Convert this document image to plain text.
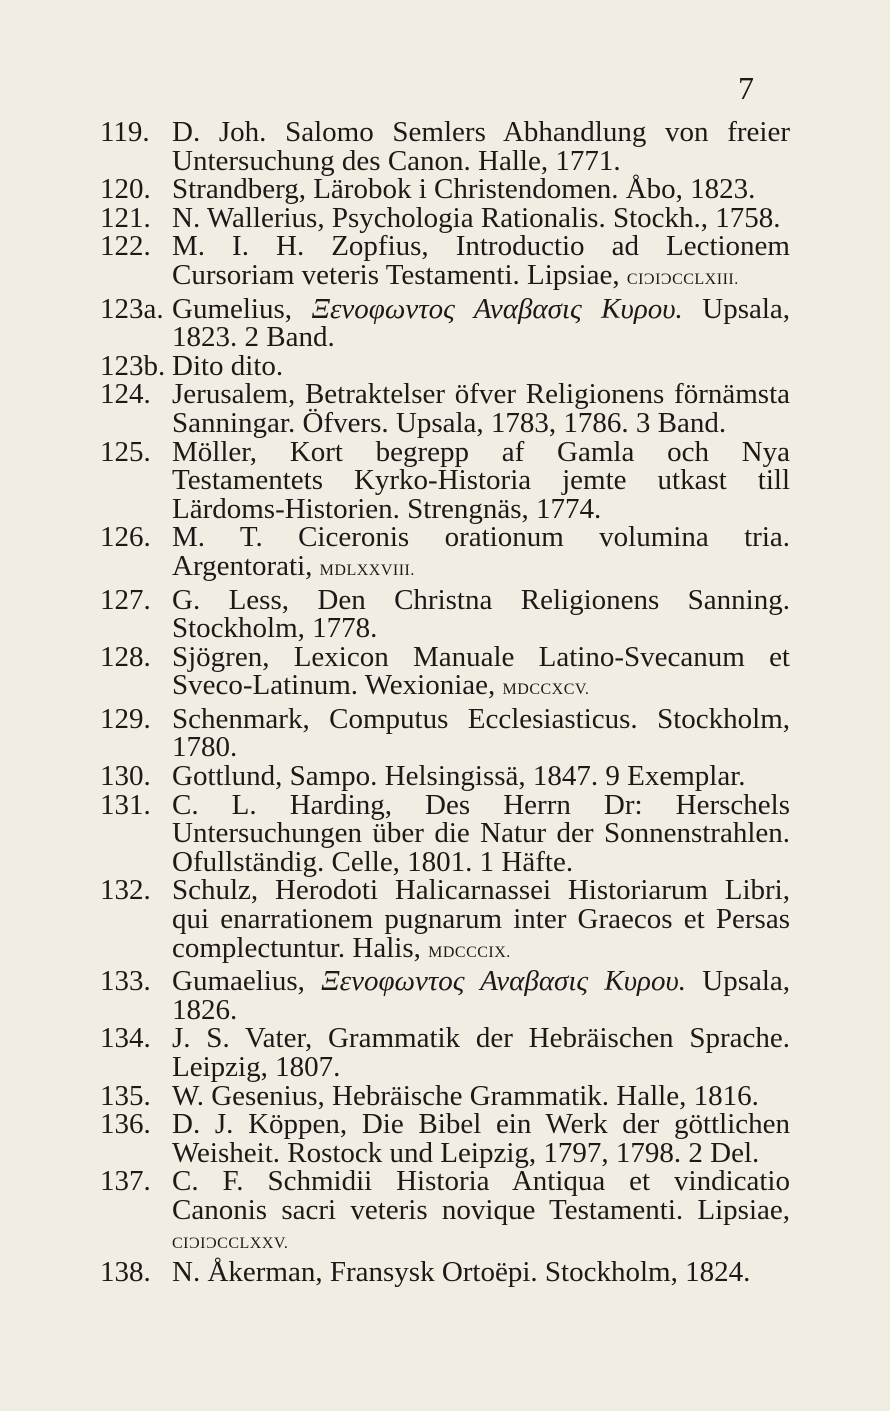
7
119. D. Joh. Salomo Semlers Abhandlung von freier Untersuchung des Canon. Halle, 1771.
120. Strandberg, Lärobok i Christendomen. Åbo, 1823.
121. N. Wallerius, Psychologia Rationalis. Stockh., 1758.
122. M. I. H. Zopfius, Introductio ad Lectionem Cursoriam veteris Testamenti. Lipsiae, CIƆIƆCCLXIII.
123a. Gumelius, Ξενοφωντος Αναβασις Κυρου. Upsala, 1823. 2 Band.
123b. Dito dito.
124. Jerusalem, Betraktelser öfver Religionens förnämsta Sanningar. Öfvers. Upsala, 1783, 1786. 3 Band.
125. Möller, Kort begrepp af Gamla och Nya Testamentets Kyrko-Historia jemte utkast till Lärdoms-Historien. Strengnäs, 1774.
126. M. T. Ciceronis orationum volumina tria. Argentorati, MDLXXVIII.
127. G. Less, Den Christna Religionens Sanning. Stockholm, 1778.
128. Sjögren, Lexicon Manuale Latino-Svecanum et Sveco-Latinum. Wexioniae, MDCCXCV.
129. Schenmark, Computus Ecclesiasticus. Stockholm, 1780.
130. Gottlund, Sampo. Helsingissä, 1847. 9 Exemplar.
131. C. L. Harding, Des Herrn Dr: Herschels Untersuchungen über die Natur der Sonnenstrahlen. Ofullständig. Celle, 1801. 1 Häfte.
132. Schulz, Herodoti Halicarnassei Historiarum Libri, qui enarrationem pugnarum inter Graecos et Persas complectuntur. Halis, MDCCCIX.
133. Gumaelius, Ξενοφωντος Αναβασις Κυρου. Upsala, 1826.
134. J. S. Vater, Grammatik der Hebräischen Sprache. Leipzig, 1807.
135. W. Gesenius, Hebräische Grammatik. Halle, 1816.
136. D. J. Köppen, Die Bibel ein Werk der göttlichen Weisheit. Rostock und Leipzig, 1797, 1798. 2 Del.
137. C. F. Schmidii Historia Antiqua et vindicatio Canonis sacri veteris novique Testamenti. Lipsiae, CIƆIƆCCLXXV.
138. N. Åkerman, Fransysk Ortoëpi. Stockholm, 1824.
